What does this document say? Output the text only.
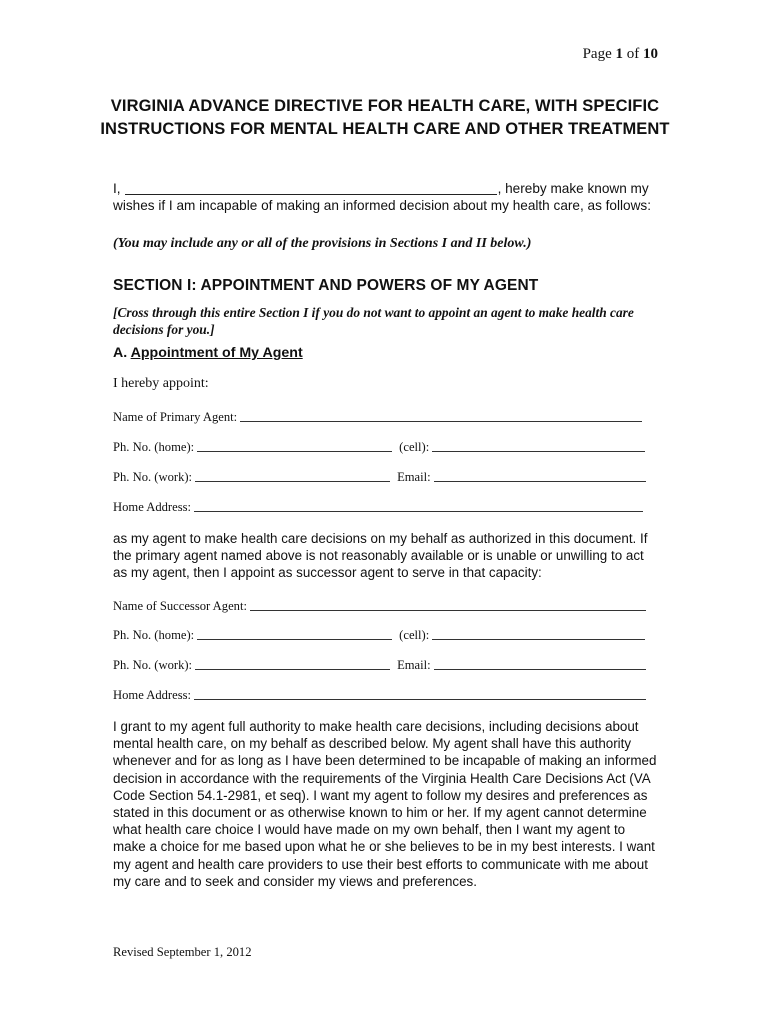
Page 1 of 10
VIRGINIA ADVANCE DIRECTIVE FOR HEALTH CARE, WITH SPECIFIC INSTRUCTIONS FOR MENTAL HEALTH CARE AND OTHER TREATMENT
I,	, hereby make known my
wishes if I am incapable of making an informed decision about my health care, as follows:
(You may include any or all of the provisions in Sections I and II below.)
SECTION I: APPOINTMENT AND POWERS OF MY AGENT
[Cross through this entire Section I if you do not want to appoint an agent to make health care decisions for you.]
A. Appointment of My Agent
I hereby appoint:
Name of Primary Agent:
Ph. No. (home):	(cell):
Ph. No. (work):	Email:
Home Address:
as my agent to make health care decisions on my behalf as authorized in this document. If the primary agent named above is not reasonably available or is unable or unwilling to act as my agent, then I appoint as successor agent to serve in that capacity:
Name of Successor Agent:
Ph. No. (home):	(cell):
Ph. No. (work):	Email:
Home Address:
I grant to my agent full authority to make health care decisions, including decisions about mental health care, on my behalf as described below. My agent shall have this authority whenever and for as long as I have been determined to be incapable of making an informed decision in accordance with the requirements of the Virginia Health Care Decisions Act (VA Code Section 54.1-2981, et seq). I want my agent to follow my desires and preferences as stated in this document or as otherwise known to him or her. If my agent cannot determine what health care choice I would have made on my own behalf, then I want my agent to make a choice for me based upon what he or she believes to be in my best interests. I want my agent and health care providers to use their best efforts to communicate with me about my care and to seek and consider my views and preferences.
Revised September 1, 2012
